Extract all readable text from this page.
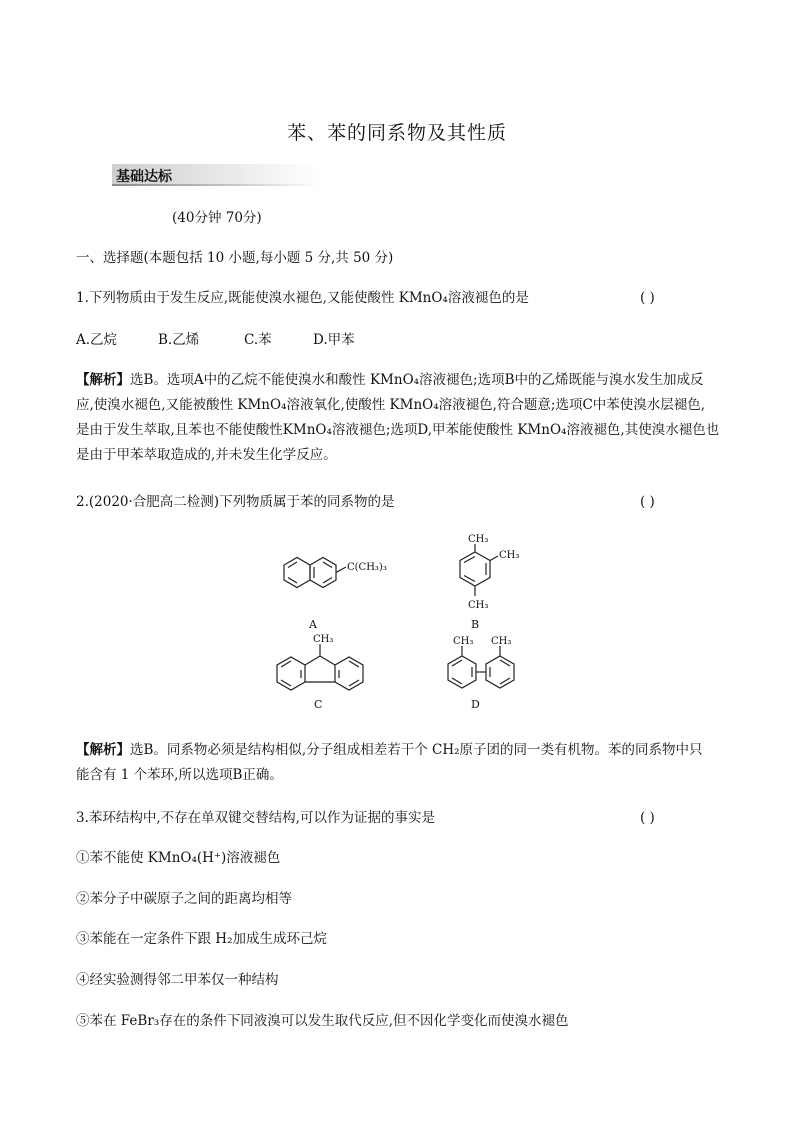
苯、苯的同系物及其性质
基础达标
(40分钟 70分)
一、选择题(本题包括 10 小题,每小题 5 分,共 50 分)
1.下列物质由于发生反应,既能使溴水褪色,又能使酸性 KMnO₄溶液褪色的是	( )
A.乙烷	B.乙烯	C.苯	D.甲苯
【解析】选B。选项A中的乙烷不能使溴水和酸性 KMnO₄溶液褪色;选项B中的乙烯既能与溴水发生加成反
应,使溴水褪色,又能被酸性 KMnO₄溶液氧化,使酸性 KMnO₄溶液褪色,符合题意;选项C中苯使溴水层褪色,
是由于发生萃取,且苯也不能使酸性KMnO₄溶液褪色;选项D,甲苯能使酸性 KMnO₄溶液褪色,其使溴水褪色也
是由于甲苯萃取造成的,并未发生化学反应。
2.(2020·合肥高二检测)下列物质属于苯的同系物的是	( )
C(CH₃)₃
CH₃
CH₃
CH₃
CH₃	CH₃ CH₃
A	B
C	D
【解析】选B。同系物必须是结构相似,分子组成相差若干个 CH₂原子团的同一类有机物。苯的同系物中只
能含有 1 个苯环,所以选项B正确。
3.苯环结构中,不存在单双键交替结构,可以作为证据的事实是	( )
①苯不能使 KMnO₄(H⁺)溶液褪色
②苯分子中碳原子之间的距离均相等
③苯能在一定条件下跟 H₂加成生成环己烷
④经实验测得邻二甲苯仅一种结构
⑤苯在 FeBr₃存在的条件下同液溴可以发生取代反应,但不因化学变化而使溴水褪色
